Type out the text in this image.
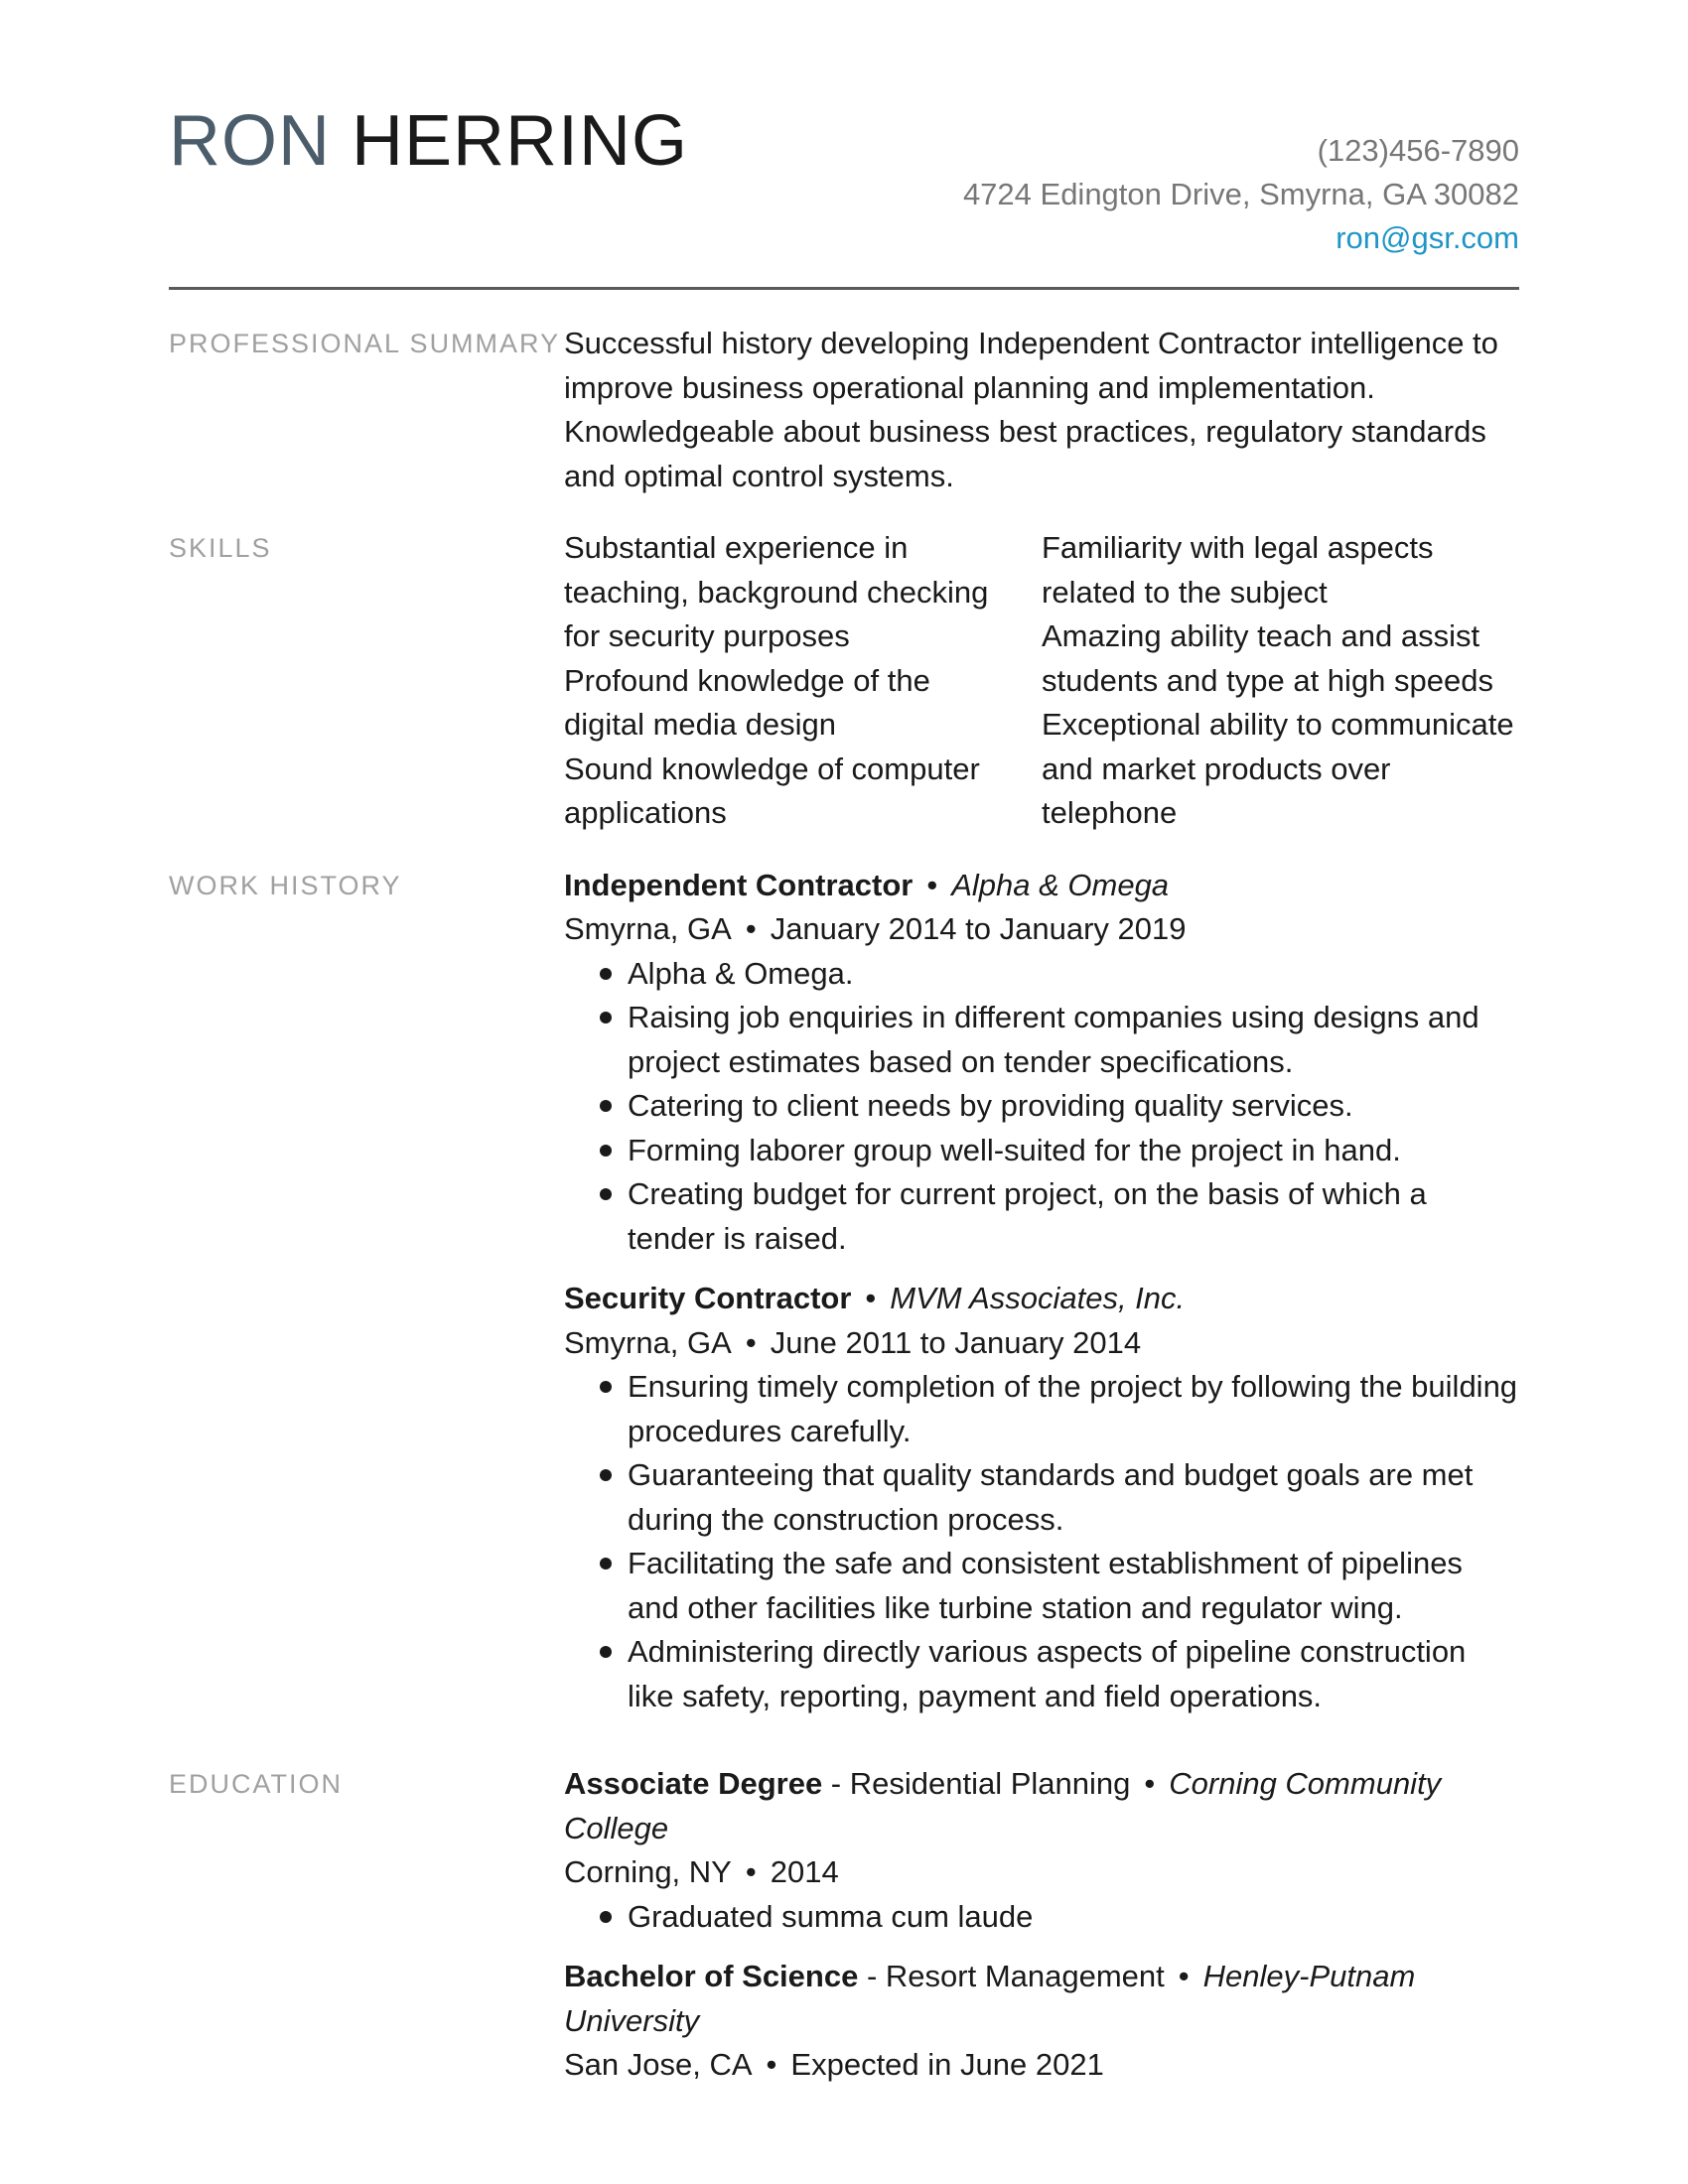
RON HERRING	(123)456-7890
4724 Edington Drive, Smyrna, GA 30082
ron@gsr.com
PROFESSIONAL SUMMARY Successful history developing Independent Contractor intelligence to improve business operational planning and implementation. Knowledgeable about business best practices, regulatory standards and optimal control systems.
SKILLS	Substantial experience in teaching, background checking for security purposes
Profound knowledge of the digital media design
Sound knowledge of computer applications
Familiarity with legal aspects related to the subject
Amazing ability teach and assist students and type at high speeds
Exceptional ability to communicate and market products over telephone
WORK HISTORY	Independent Contractor • Alpha & Omega
Smyrna, GA • January 2014 to January 2019
Alpha & Omega.
Raising job enquiries in different companies using designs and project estimates based on tender specifications.
Catering to client needs by providing quality services.
Forming laborer group well-suited for the project in hand.
Creating budget for current project, on the basis of which a tender is raised.
Security Contractor • MVM Associates, Inc.
Smyrna, GA • June 2011 to January 2014
Ensuring timely completion of the project by following the building procedures carefully.
Guaranteeing that quality standards and budget goals are met during the construction process.
Facilitating the safe and consistent establishment of pipelines and other facilities like turbine station and regulator wing.
Administering directly various aspects of pipeline construction like safety, reporting, payment and field operations.
EDUCATION	Associate Degree - Residential Planning • Corning Community College
Corning, NY • 2014
Graduated summa cum laude
Bachelor of Science - Resort Management • Henley-Putnam University
San Jose, CA • Expected in June 2021
